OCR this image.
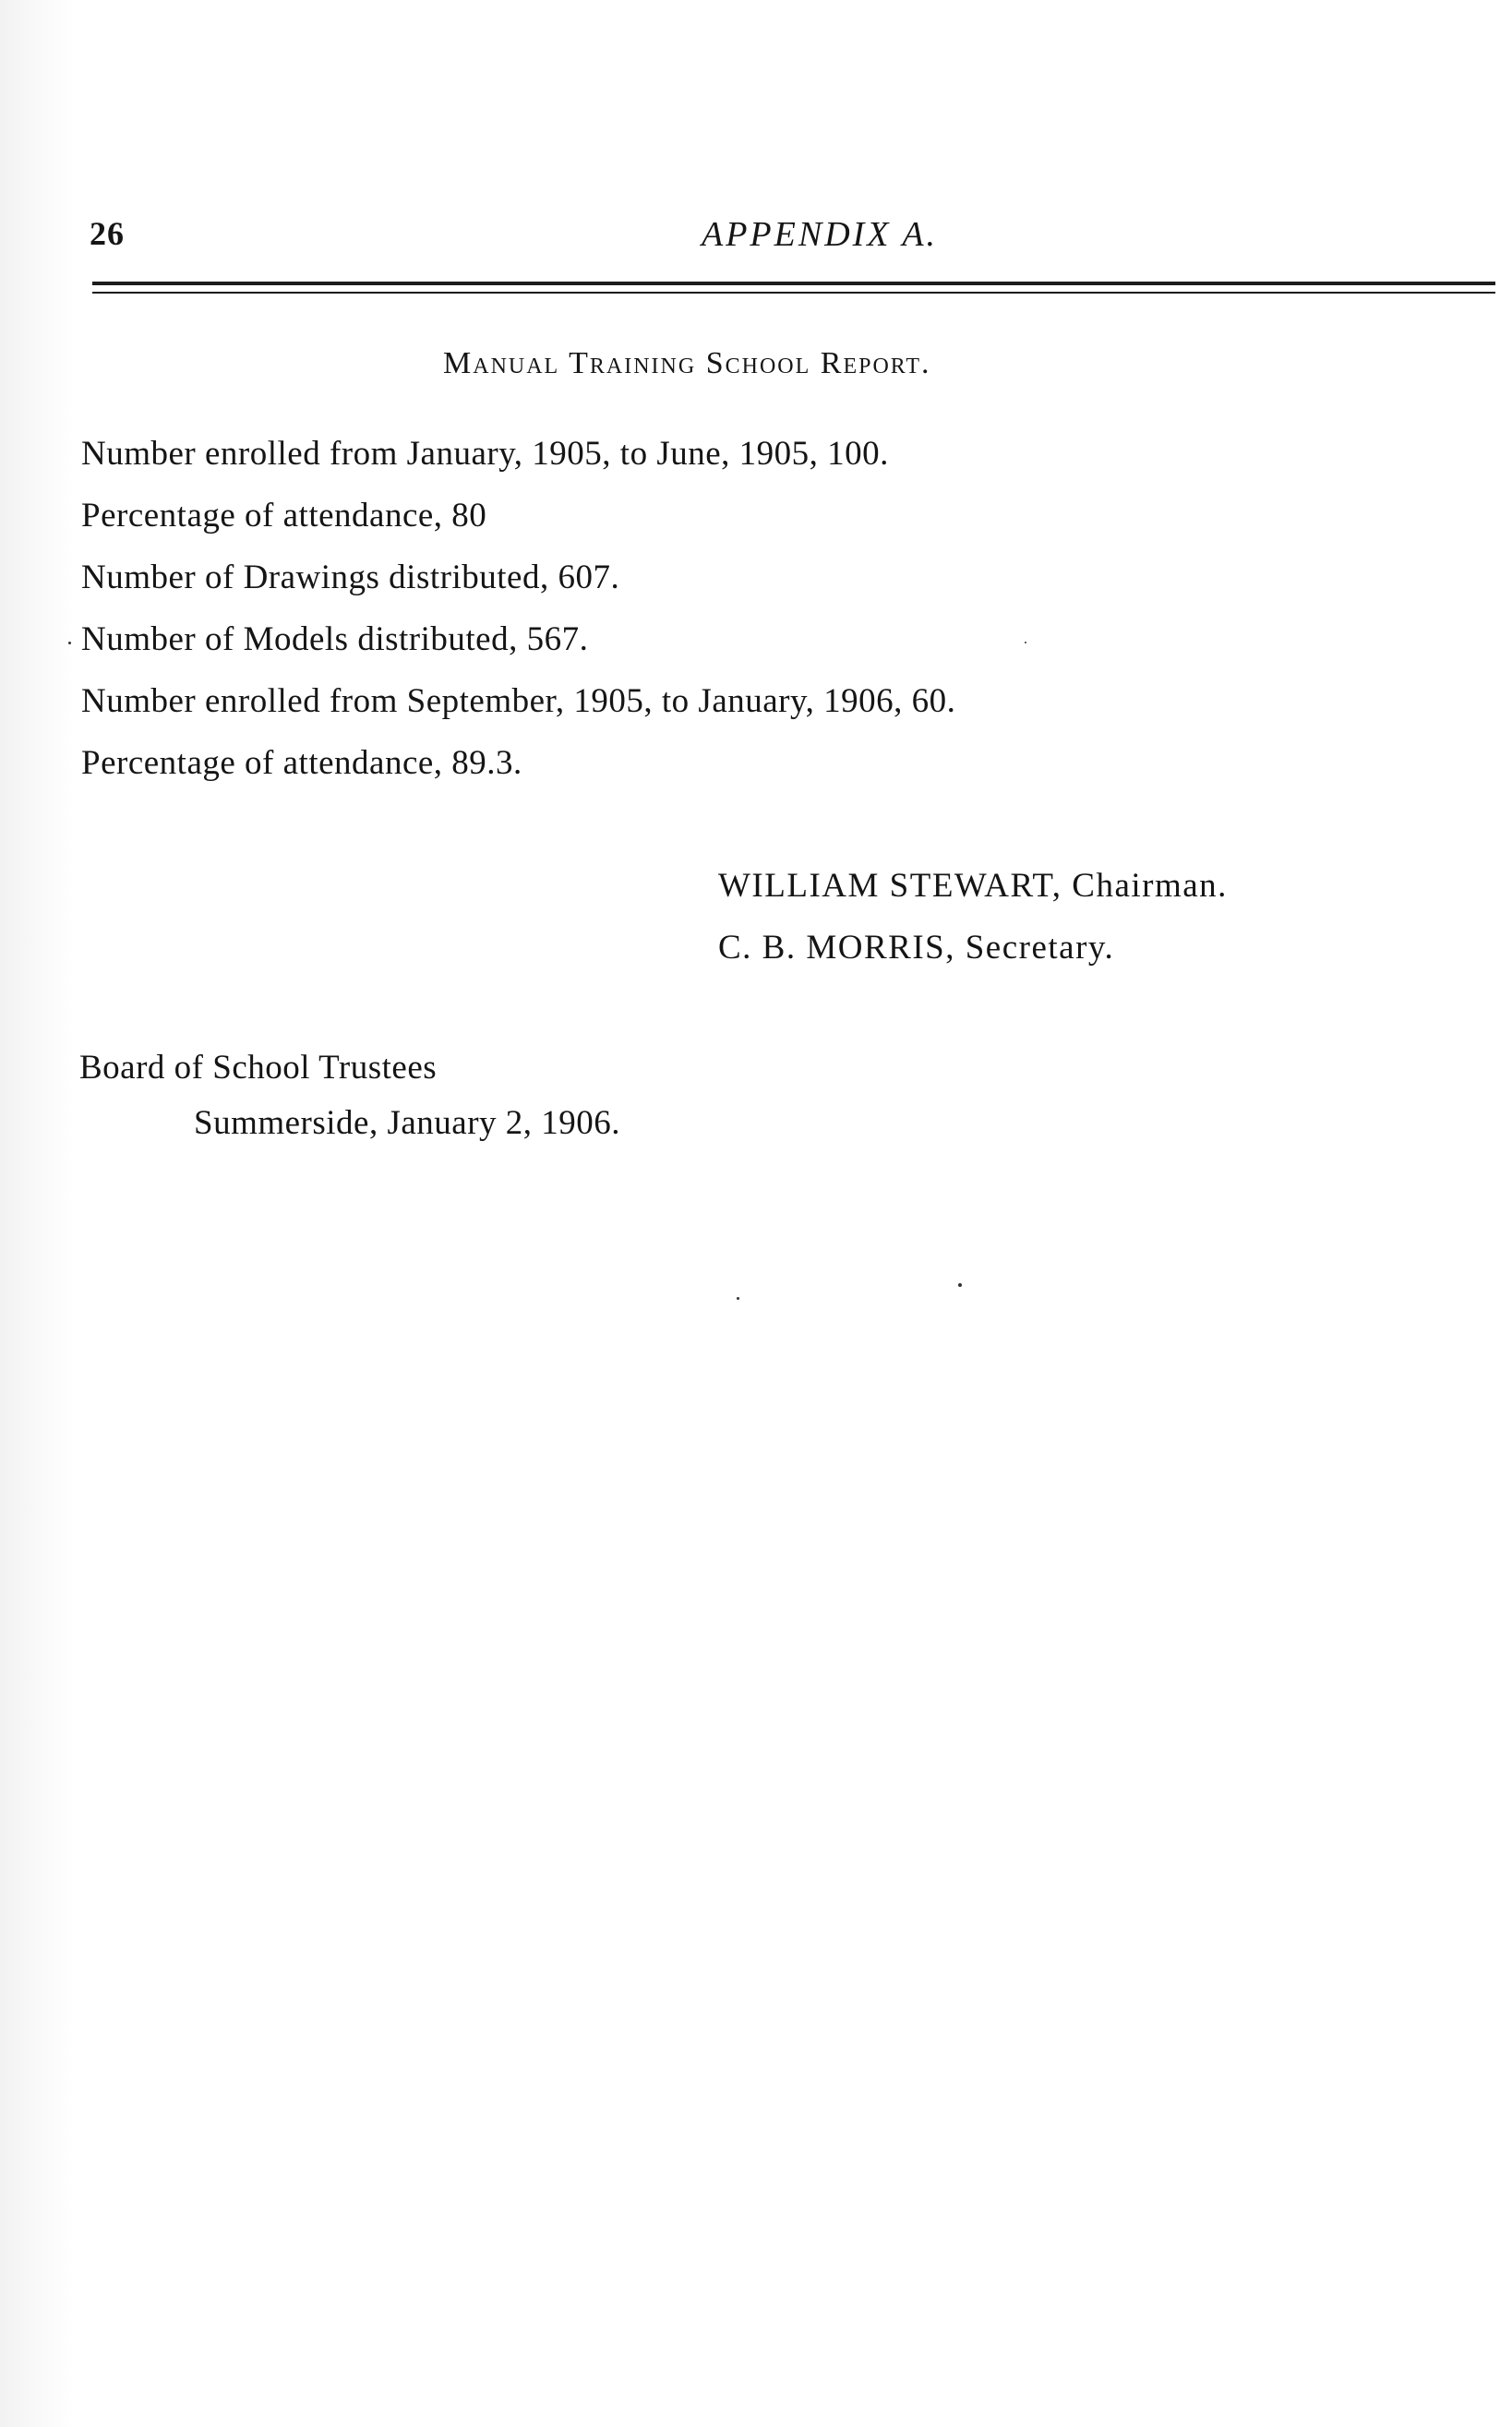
26	APPENDIX A.
Manual Training School Report.
Number enrolled from January, 1905, to June, 1905, 100.
Percentage of attendance, 80
Number of Drawings distributed, 607.
Number of Models distributed, 567.
Number enrolled from September, 1905, to January, 1906, 60.
Percentage of attendance, 89.3.
WILLIAM STEWART, Chairman.
C. B. MORRIS, Secretary.
Board of School Trustees
Summerside, January 2, 1906.
